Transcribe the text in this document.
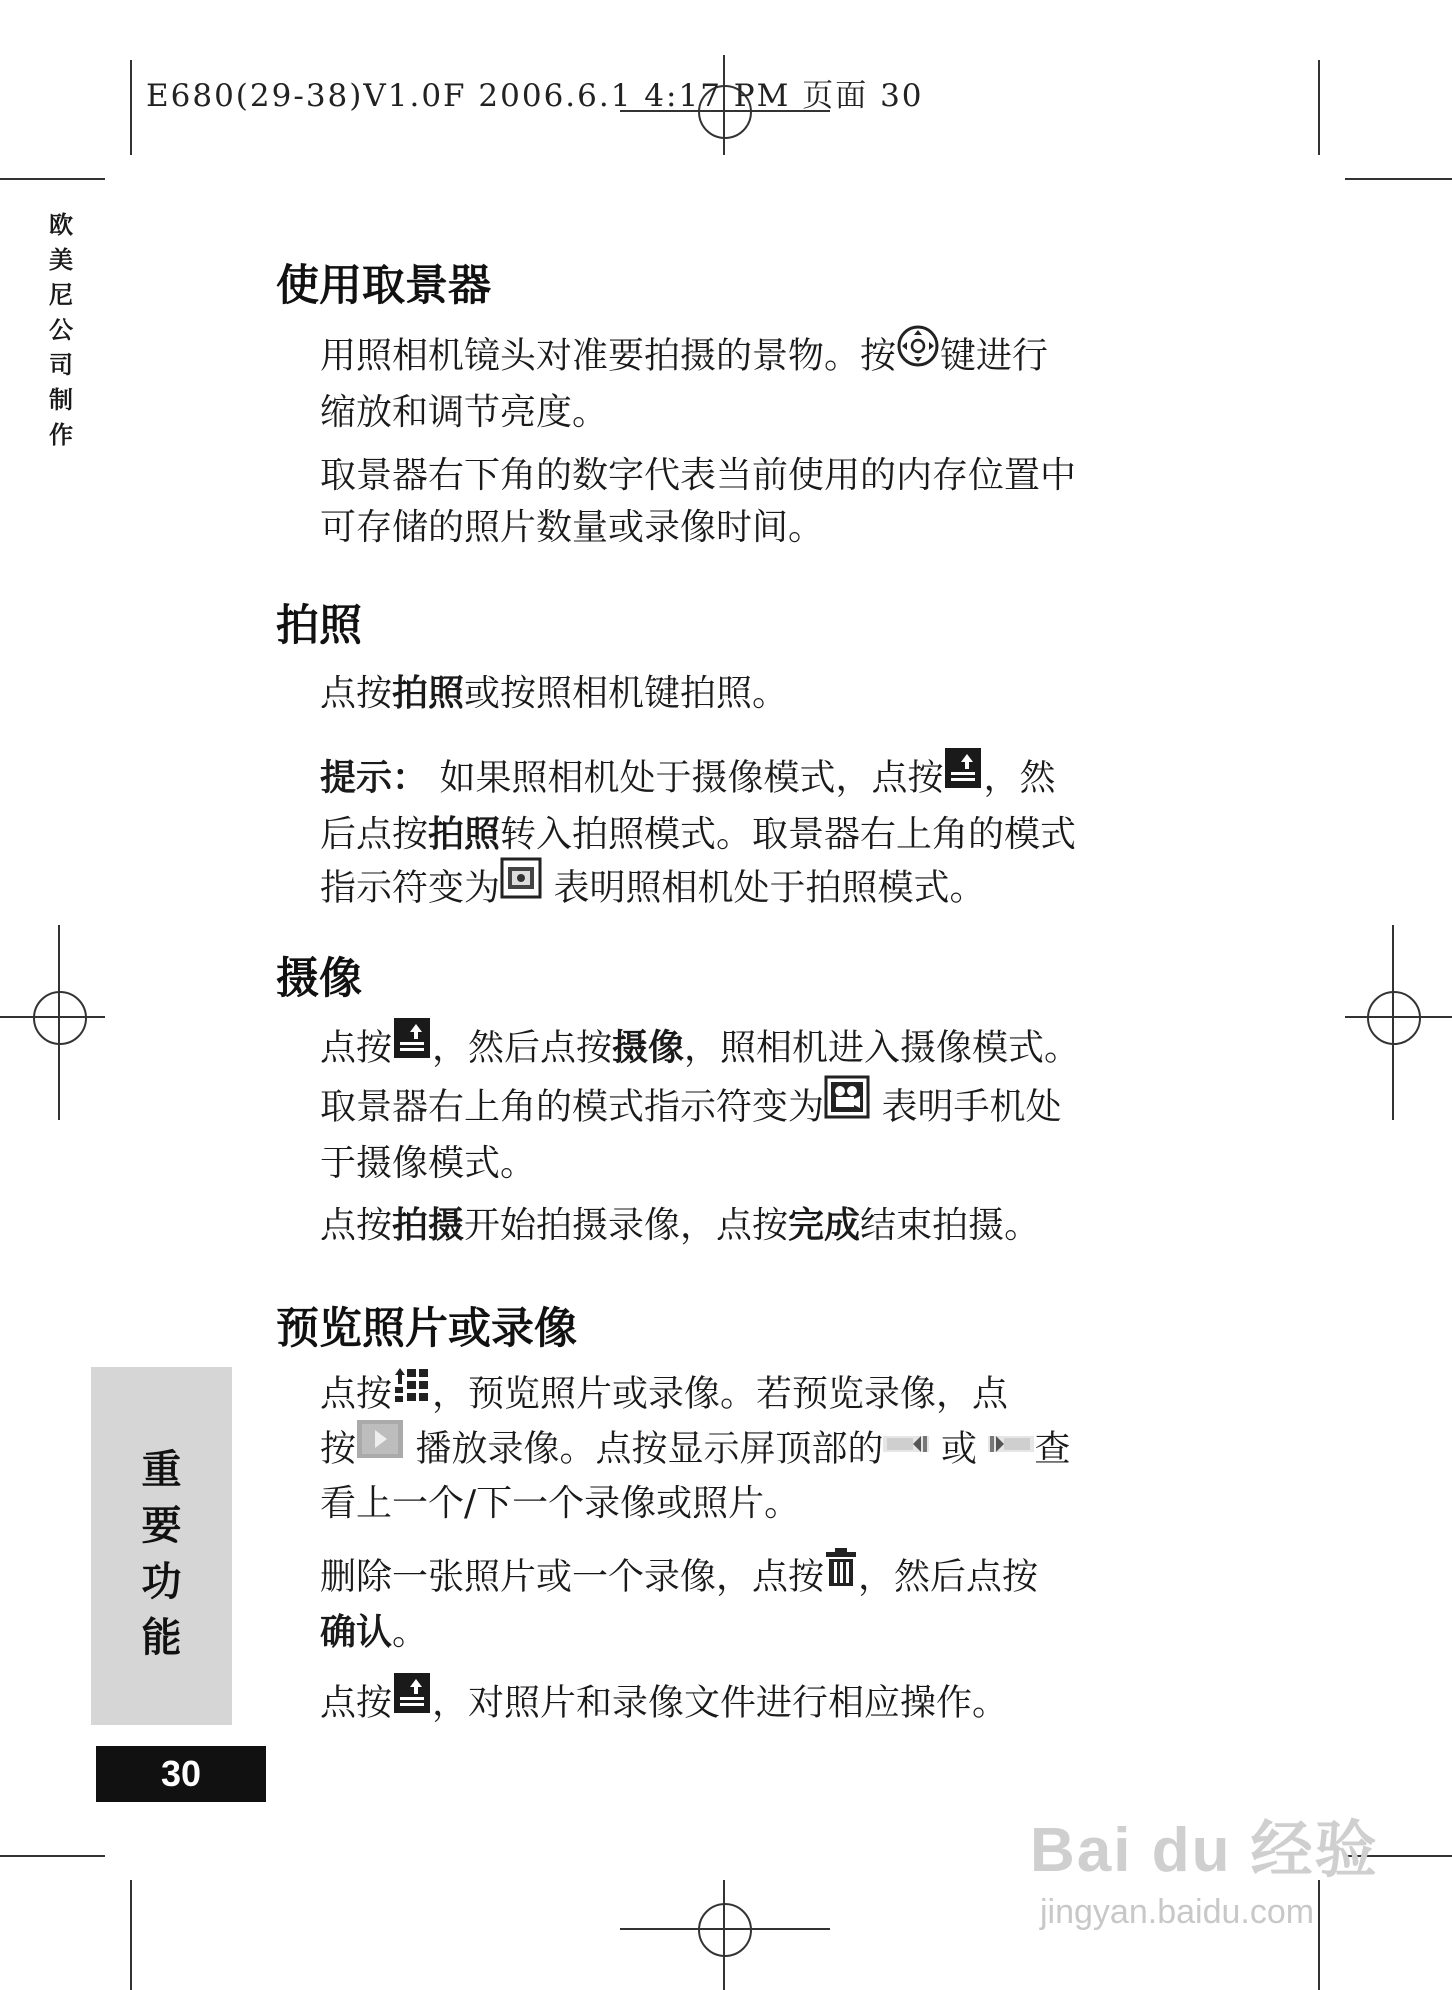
E680(29-38)V1.0F 2006.6.1 4:17 PM 页面 30
欧
美
尼
公
司
制
作
使用取景器
用照相机镜头对准要拍摄的景物。按 键进行
缩放和调节亮度。
取景器右下角的数字代表当前使用的内存位置中
可存储的照片数量或录像时间。
拍照
点按拍照或按照相机键拍照。
提示： 如果照相机处于摄像模式，点按 ，然
后点按拍照转入拍照模式。取景器右上角的模式
指示符变为 表明照相机处于拍照模式。
摄像
点按 ，然后点按摄像，照相机进入摄像模式。
取景器右上角的模式指示符变为 表明手机处
于摄像模式。
点按拍摄开始拍摄录像，点按完成结束拍摄。
预览照片或录像
点按 ，预览照片或录像。若预览录像，点
按 播放录像。点按显示屏顶部的 或 查
看上一个/下一个录像或照片。
删除一张照片或一个录像，点按 ，然后点按
确认。
点按 ，对照片和录像文件进行相应操作。
重
要
功
能
30
Bai du 经验
jingyan.baidu.com
